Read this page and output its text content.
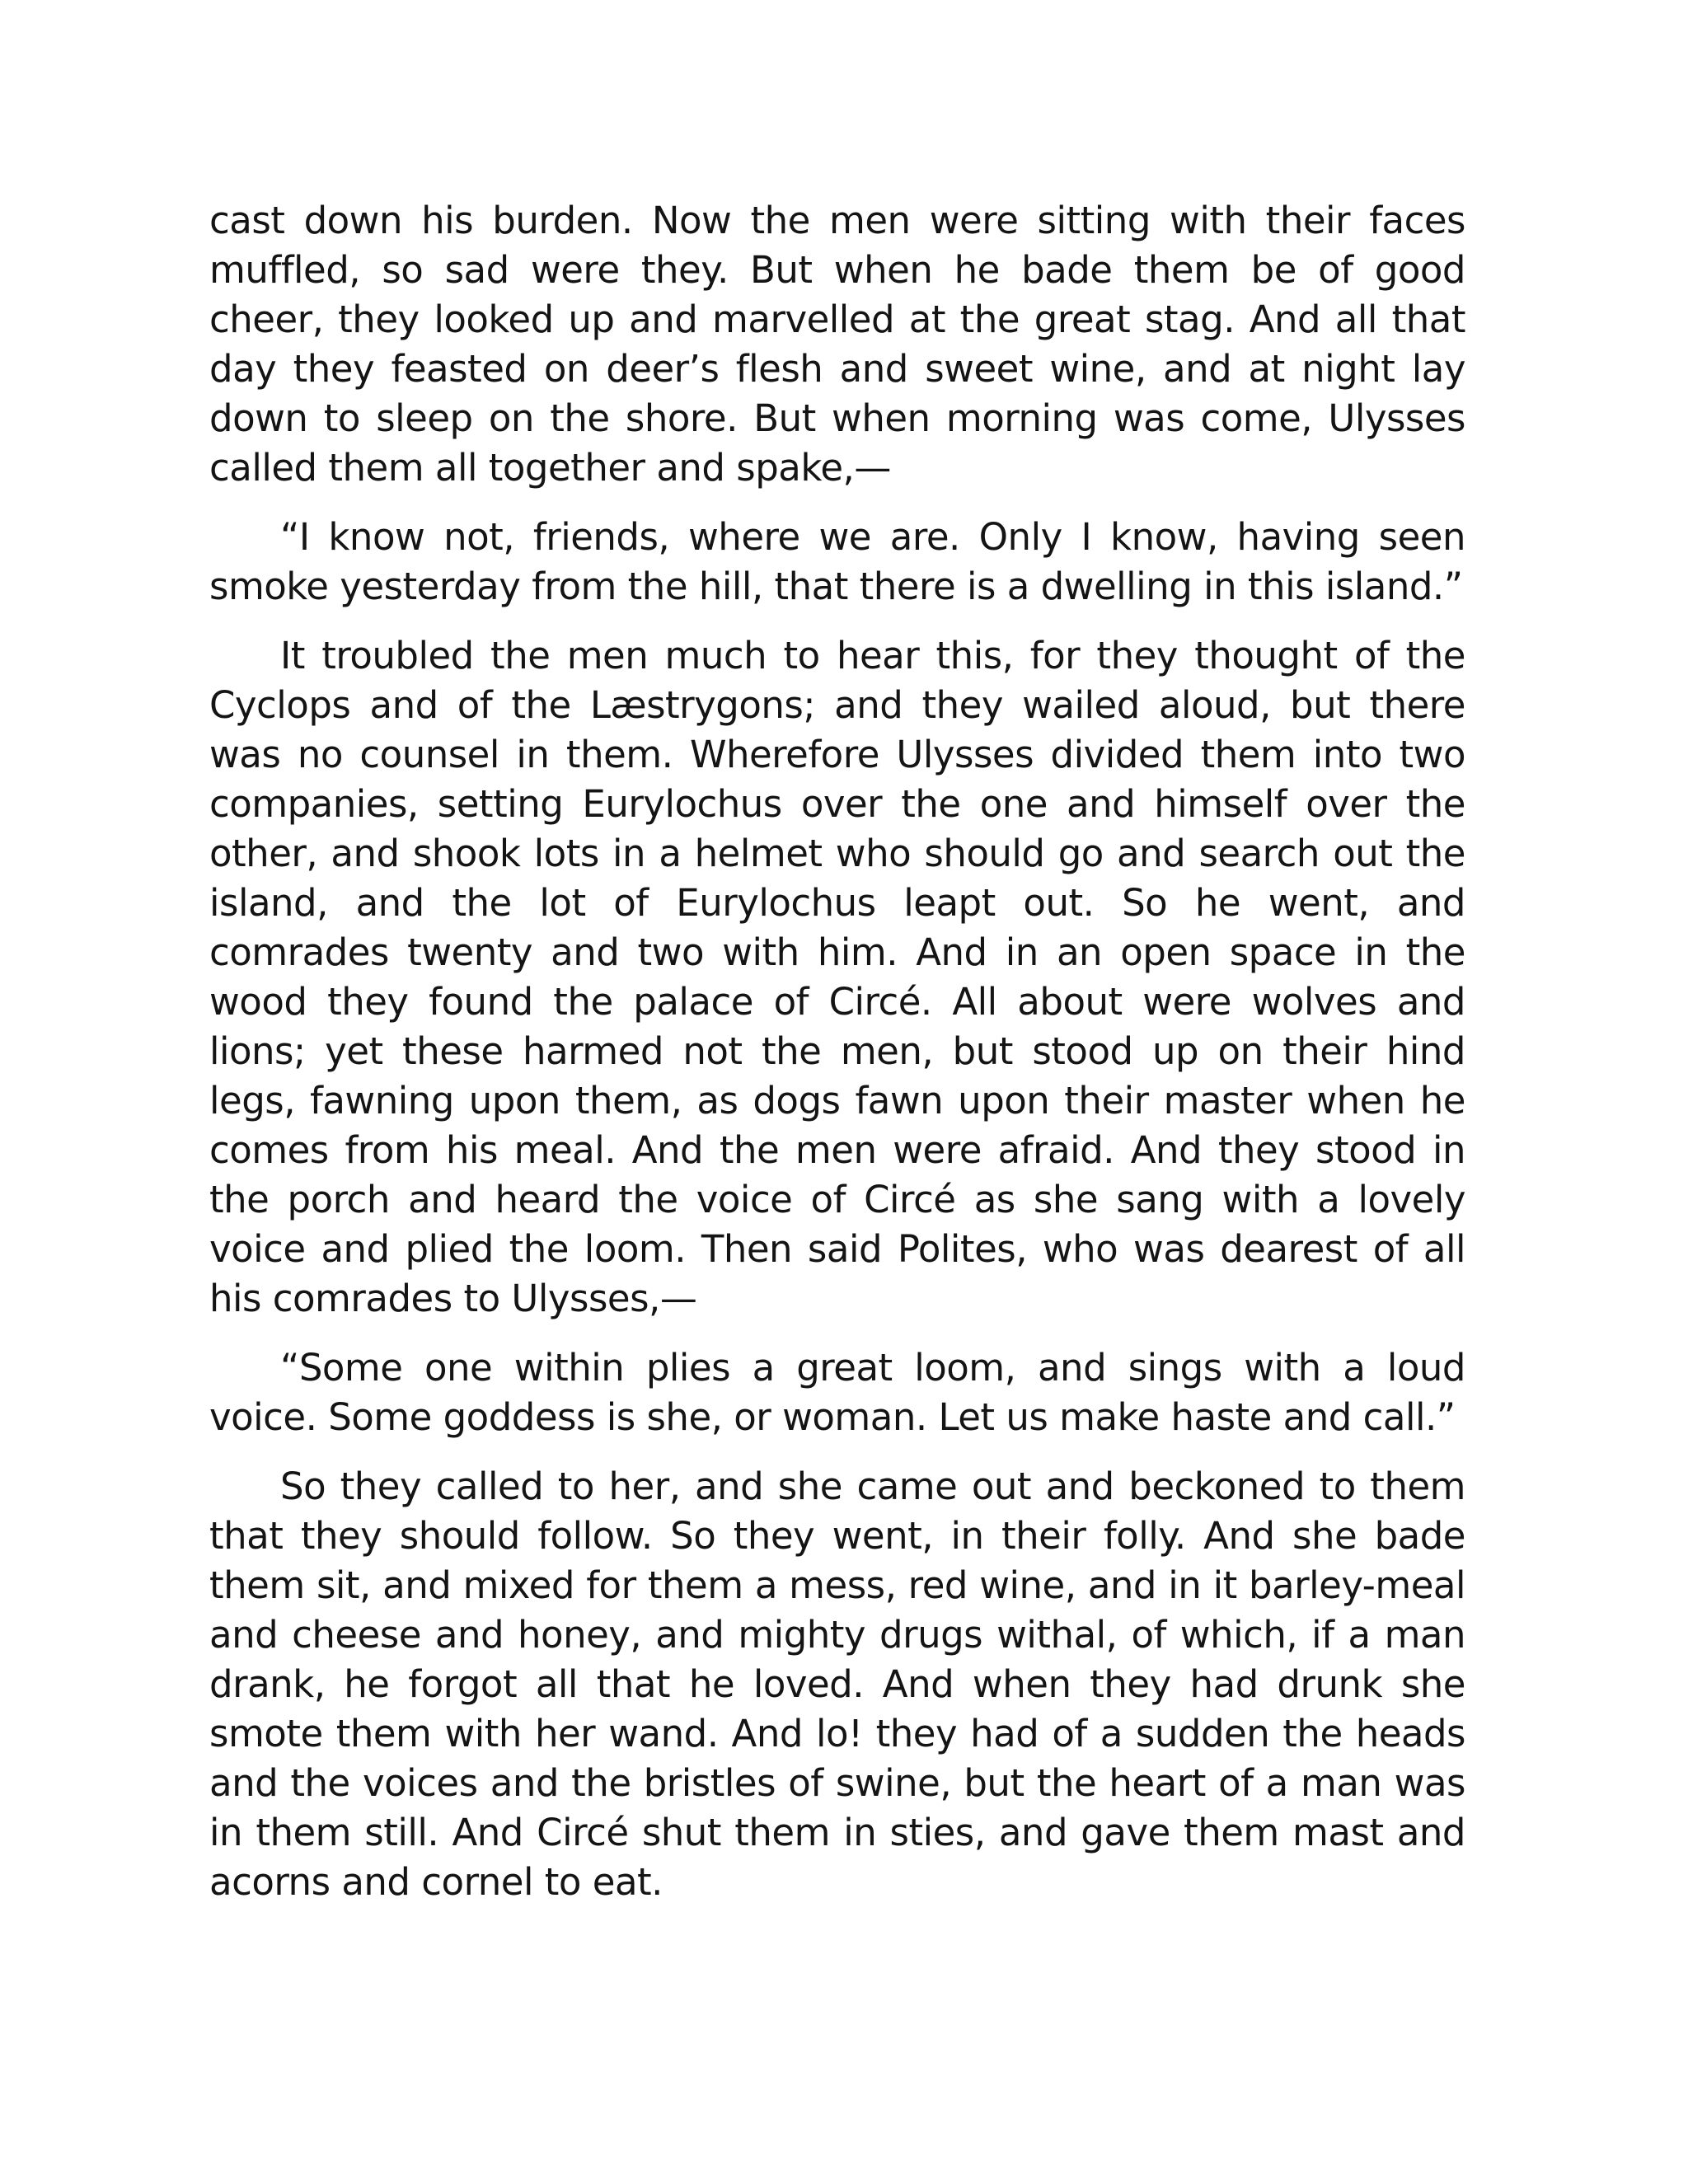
cast down his burden. Now the men were sitting with their faces muffled, so sad were they. But when he bade them be of good cheer, they looked up and marvelled at the great stag. And all that day they feasted on deer’s flesh and sweet wine, and at night lay down to sleep on the shore. But when morning was come, Ulysses called them all together and spake,—

“I know not, friends, where we are. Only I know, having seen smoke yesterday from the hill, that there is a dwelling in this island.”

It troubled the men much to hear this, for they thought of the Cyclops and of the Læstrygons; and they wailed aloud, but there was no counsel in them. Wherefore Ulysses divided them into two companies, setting Eurylochus over the one and himself over the other, and shook lots in a helmet who should go and search out the island, and the lot of Eurylochus leapt out. So he went, and comrades twenty and two with him. And in an open space in the wood they found the palace of Circé. All about were wolves and lions; yet these harmed not the men, but stood up on their hind legs, fawning upon them, as dogs fawn upon their master when he comes from his meal. And the men were afraid. And they stood in the porch and heard the voice of Circé as she sang with a lovely voice and plied the loom. Then said Polites, who was dearest of all his comrades to Ulysses,—

“Some one within plies a great loom, and sings with a loud voice. Some goddess is she, or woman. Let us make haste and call.”

So they called to her, and she came out and beckoned to them that they should follow. So they went, in their folly. And she bade them sit, and mixed for them a mess, red wine, and in it barley-meal and cheese and honey, and mighty drugs withal, of which, if a man drank, he forgot all that he loved. And when they had drunk she smote them with her wand. And lo! they had of a sudden the heads and the voices and the bristles of swine, but the heart of a man was in them still. And Circé shut them in sties, and gave them mast and acorns and cornel to eat.
